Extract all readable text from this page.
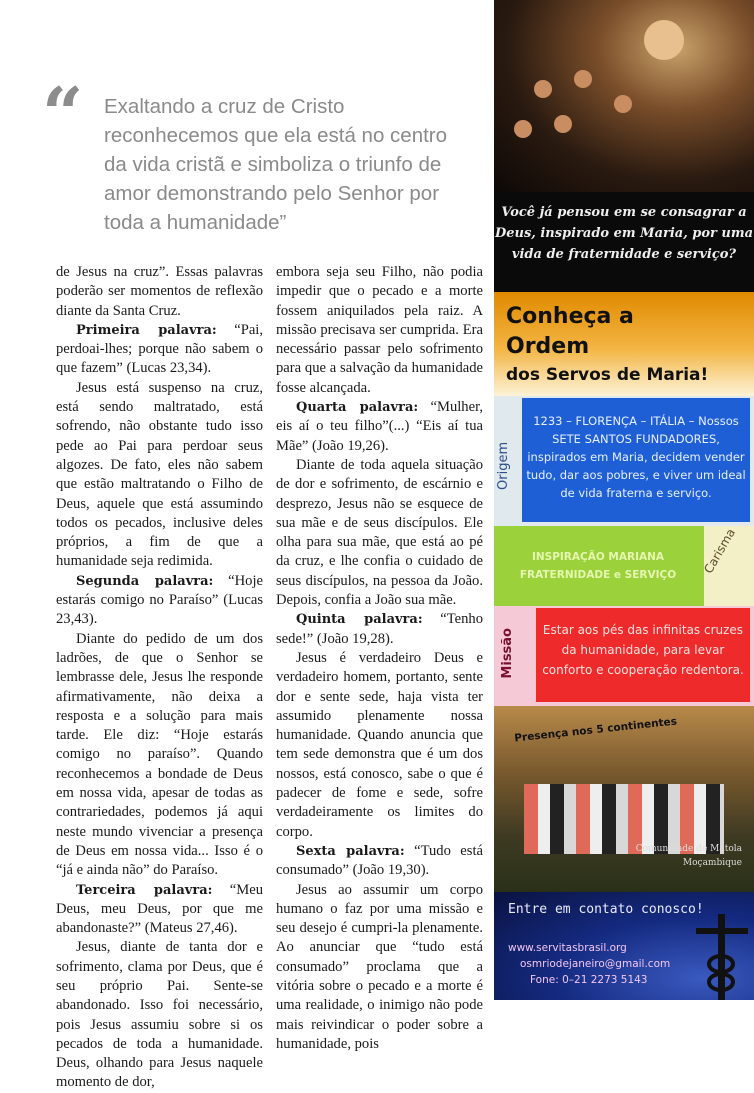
“ Exaltando a cruz de Cristo reconhecemos que ela está no centro da vida cristã e simboliza o triunfo de amor demonstrando pelo Senhor por toda a humanidade”

de Jesus na cruz”. Essas palavras poderão ser momentos de reflexão diante da Santa Cruz.

Primeira palavra: “Pai, perdoai-lhes; porque não sabem o que fazem” (Lucas 23,34).

Jesus está suspenso na cruz, está sendo maltratado, está sofrendo, não obstante tudo isso pede ao Pai para perdoar seus algozes. De fato, eles não sabem que estão maltratando o Filho de Deus, aquele que está assumindo todos os pecados, inclusive deles próprios, a fim de que a humanidade seja redimida.

Segunda palavra: “Hoje estarás comigo no Paraíso” (Lucas 23,43).

Diante do pedido de um dos ladrões, de que o Senhor se lembrasse dele, Jesus lhe responde afirmativamente, não deixa a resposta e a solução para mais tarde. Ele diz: “Hoje estarás comigo no paraíso”. Quando reconhecemos a bondade de Deus em nossa vida, apesar de todas as contrariedades, podemos já aqui neste mundo vivenciar a presença de Deus em nossa vida... Isso é o “já e ainda não” do Paraíso.

Terceira palavra: “Meu Deus, meu Deus, por que me abandonaste?” (Mateus 27,46).

Jesus, diante de tanta dor e sofrimento, clama por Deus, que é seu próprio Pai. Sente-se abandonado. Isso foi necessário, pois Jesus assumiu sobre si os pecados de toda a humanidade. Deus, olhando para Jesus naquele momento de dor,

embora seja seu Filho, não podia impedir que o pecado e a morte fossem aniquilados pela raiz. A missão precisava ser cumprida. Era necessário passar pelo sofrimento para que a salvação da humanidade fosse alcançada.

Quarta palavra: “Mulher, eis aí o teu filho”(...) “Eis aí tua Mãe” (João 19,26).

Diante de toda aquela situação de dor e sofrimento, de escárnio e desprezo, Jesus não se esquece de sua mãe e de seus discípulos. Ele olha para sua mãe, que está ao pé da cruz, e lhe confia o cuidado de seus discípulos, na pessoa da João. Depois, confia a João sua mãe.

Quinta palavra: “Tenho sede!” (João 19,28).

Jesus é verdadeiro Deus e verdadeiro homem, portanto, sente dor e sente sede, haja vista ter assumido plenamente nossa humanidade. Quando anuncia que tem sede demonstra que é um dos nossos, está conosco, sabe o que é padecer de fome e sede, sofre verdadeiramente os limites do corpo.

Sexta palavra: “Tudo está consumado” (João 19,30).

Jesus ao assumir um corpo humano o faz por uma missão e seu desejo é cumpri-la plenamente. Ao anunciar que “tudo está consumado” proclama que a vitória sobre o pecado e a morte é uma realidade, o inimigo não pode mais reivindicar o poder sobre a humanidade, pois

Você já pensou em se consagrar a Deus, inspirado em Maria, por uma vida de fraternidade e serviço?
Conheça a
Ordem
dos Servos de Maria!
Origem
1233 – FLORENÇA – ITÁLIA – Nossos SETE SANTOS FUNDADORES, inspirados em Maria, decidem vender tudo, dar aos pobres, e viver um ideal de vida fraterna e serviço.
INSPIRAÇÃO MARIANA
FRATERNIDADE e SERVIÇO	Carisma
Missão	Estar aos pés das infinitas cruzes da humanidade, para levar conforto e cooperação redentora.
Presença nos 5 continentes
Comunidade de Matola
Moçambique
Entre em contato conosco!
www.servitasbrasil.org
osmriodejaneiro@gmail.com
Fone: 0–21 2273 5143
